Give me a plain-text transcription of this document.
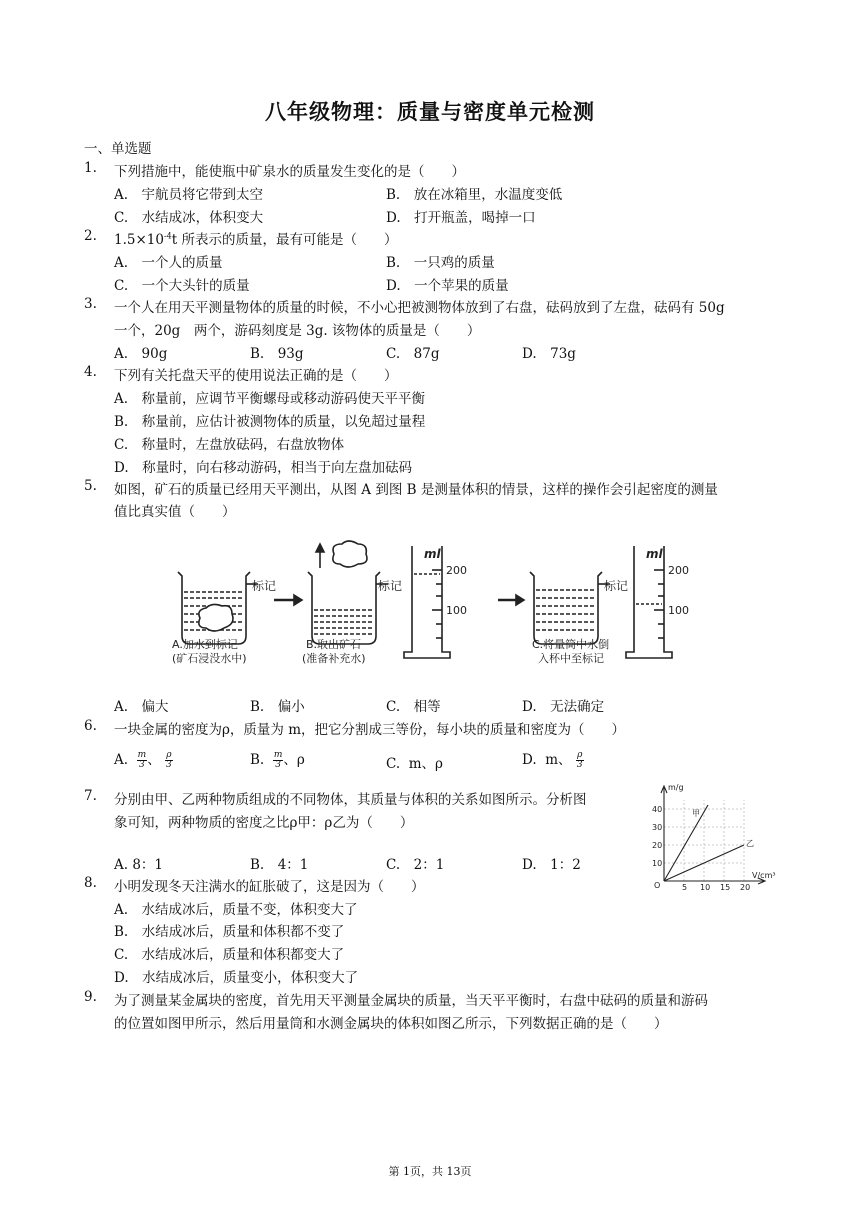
八年级物理：质量与密度单元检测
一、单选题
1. 下列措施中，能使瓶中矿泉水的质量发生变化的是（　　）
A.　宇航员将它带到太空	B.　放在冰箱里，水温度变低
C.　水结成冰，体积变大	D.　打开瓶盖，喝掉一口
2. $1.5\times 10^{-4}t$ 所表示的质量，最有可能是（　　）
A.　一个人的质量	B.　一只鸡的质量
C.　一个大头针的质量	D.　一个苹果的质量
3. 一个人在用天平测量物体的质量的时候，不小心把被测物体放到了右盘，砝码放到了左盘，砝码有 50g
一个，20g　两个，游码刻度是 3g. 该物体的质量是（　　）
A.　90g	B.　93g	C.　87g	D.　73g
4. 下列有关托盘天平的使用说法正确的是（　　）
A.　称量前，应调节平衡螺母或移动游码使天平平衡
B.　称量前，应估计被测物体的质量，以免超过量程
C.　称量时，左盘放砝码，右盘放物体
D.　称量时，向右移动游码，相当于向左盘加砝码
5. 如图，矿石的质量已经用天平测出，从图 A 到图 B 是测量体积的情景，这样的操作会引起密度的测量
值比真实值（　　）
标记	标记	标记
ml
200
100
ml
200
100
A.加水到标记
(矿石浸没水中)
B.取出矿石
(准备补充水)
C.将量筒中水倒
入杯中至标记
A.　偏大	B.　偏小	C.　相等	D.　无法确定
6. 一块金属的密度为ρ，质量为 m，把它分割成三等份，每小块的质量和密度为（　　）
A. $\frac{m}{3}$ 、 $\frac{\rho}{3}$	B. $\frac{m}{3}$ 、ρ	C. m、ρ	D. m、 $\frac{\rho}{3}$
7. 分别由甲、乙两种物质组成的不同物体，其质量与体积的关系如图所示。分析图
象可知，两种物质的密度之比ρ甲：ρ乙为（　　）
A. 8：1	B.　4：1	C.　2：1	D.　1：2
m/g
V/cm³
O
甲
乙
10
20
30
40
5 10 15 20
8. 小明发现冬天注满水的缸胀破了，这是因为（　　）
A.　水结成冰后，质量不变，体积变大了
B.　水结成冰后，质量和体积都不变了
C.　水结成冰后，质量和体积都变大了
D.　水结成冰后，质量变小，体积变大了
9. 为了测量某金属块的密度，首先用天平测量金属块的质量，当天平平衡时，右盘中砝码的质量和游码
的位置如图甲所示，然后用量筒和水测金属块的体积如图乙所示，下列数据正确的是（　　）
第 1页，共 13页
